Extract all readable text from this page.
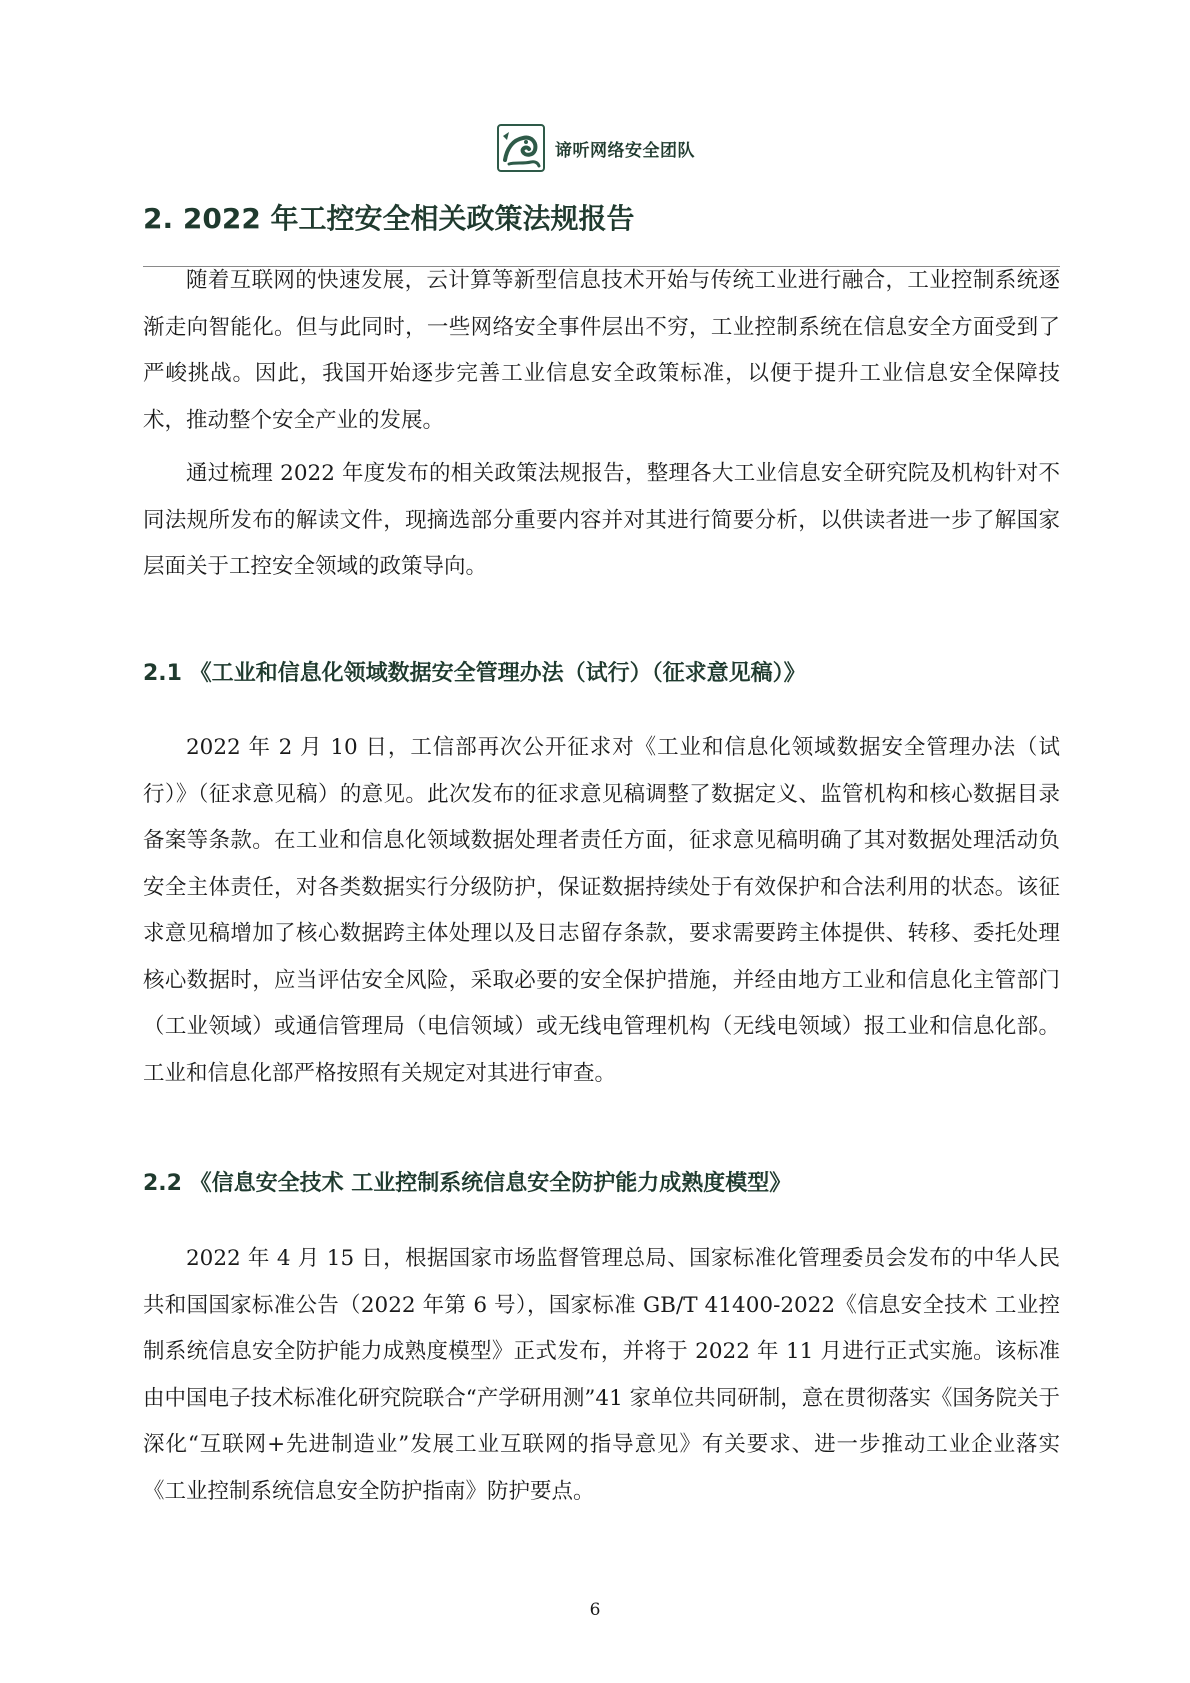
谛听网络安全团队
2. 2022 年工控安全相关政策法规报告

随着互联网的快速发展，云计算等新型信息技术开始与传统工业进行融合，工业控制系统逐渐走向智能化。但与此同时，一些网络安全事件层出不穷，工业控制系统在信息安全方面受到了严峻挑战。因此，我国开始逐步完善工业信息安全政策标准，以便于提升工业信息安全保障技术，推动整个安全产业的发展。

通过梳理 2022 年度发布的相关政策法规报告，整理各大工业信息安全研究院及机构针对不同法规所发布的解读文件，现摘选部分重要内容并对其进行简要分析，以供读者进一步了解国家层面关于工控安全领域的政策导向。

2.1 《工业和信息化领域数据安全管理办法（试行）（征求意见稿）》

2022 年 2 月 10 日，工信部再次公开征求对《工业和信息化领域数据安全管理办法（试行）》（征求意见稿）的意见。此次发布的征求意见稿调整了数据定义、监管机构和核心数据目录备案等条款。在工业和信息化领域数据处理者责任方面，征求意见稿明确了其对数据处理活动负安全主体责任，对各类数据实行分级防护，保证数据持续处于有效保护和合法利用的状态。该征求意见稿增加了核心数据跨主体处理以及日志留存条款，要求需要跨主体提供、转移、委托处理核心数据时，应当评估安全风险，采取必要的安全保护措施，并经由地方工业和信息化主管部门（工业领域）或通信管理局（电信领域）或无线电管理机构（无线电领域）报工业和信息化部。工业和信息化部严格按照有关规定对其进行审查。

2.2 《信息安全技术 工业控制系统信息安全防护能力成熟度模型》

2022 年 4 月 15 日，根据国家市场监督管理总局、国家标准化管理委员会发布的中华人民共和国国家标准公告（2022 年第 6 号），国家标准 GB/T 41400-2022《信息安全技术 工业控制系统信息安全防护能力成熟度模型》正式发布，并将于 2022 年 11 月进行正式实施。该标准由中国电子技术标准化研究院联合“产学研用测”41 家单位共同研制，意在贯彻落实《国务院关于深化“互联网+先进制造业”发展工业互联网的指导意见》有关要求、进一步推动工业企业落实《工业控制系统信息安全防护指南》防护要点。

6
